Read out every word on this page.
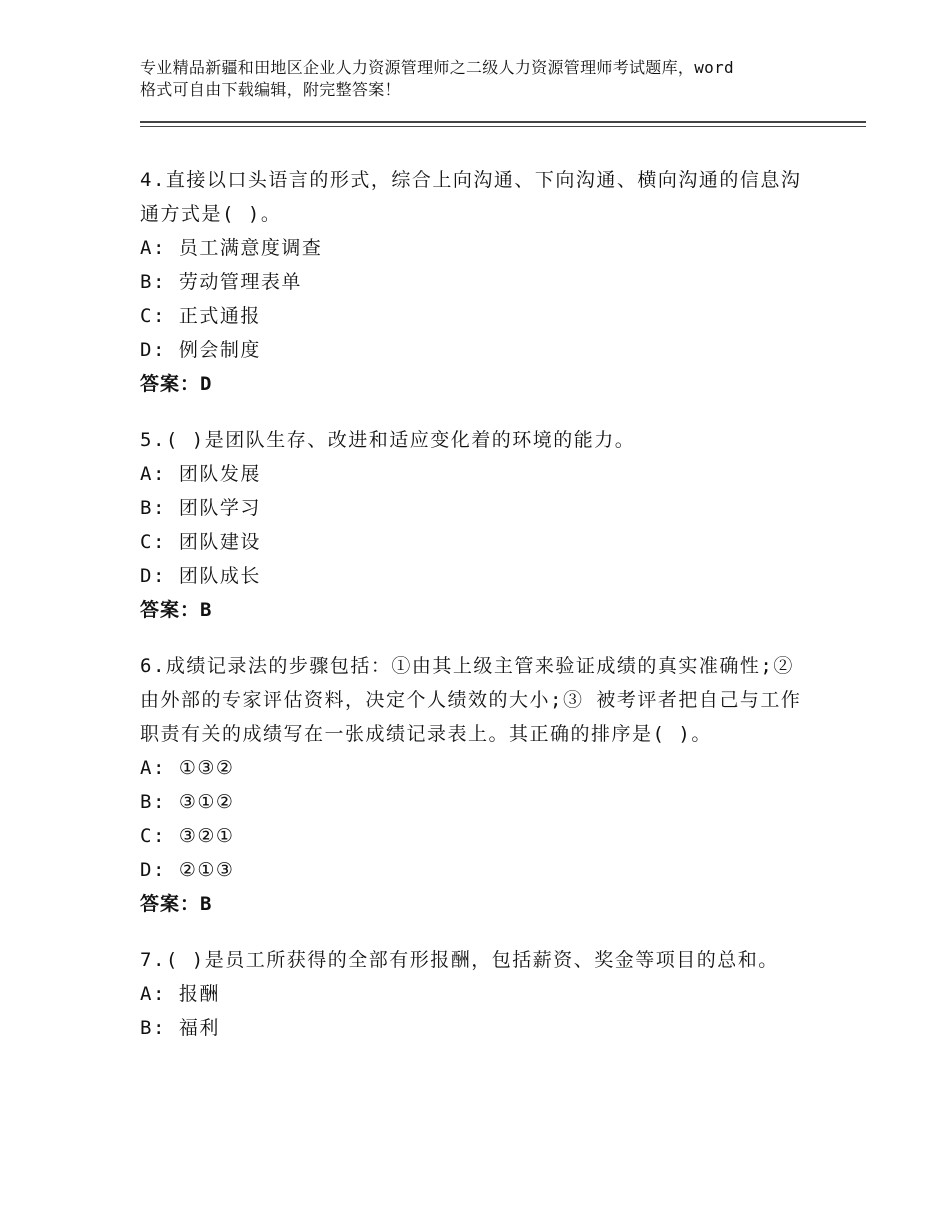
专业精品新疆和田地区企业人力资源管理师之二级人力资源管理师考试题库，word
格式可自由下载编辑，附完整答案！

4.直接以口头语言的形式，综合上向沟通、下向沟通、横向沟通的信息沟通方式是( )。

A: 员工满意度调查

B: 劳动管理表单

C: 正式通报

D: 例会制度

答案：D

5.( )是团队生存、改进和适应变化着的环境的能力。

A: 团队发展

B: 团队学习

C: 团队建设

D: 团队成长

答案：B

6.成绩记录法的步骤包括：①由其上级主管来验证成绩的真实准确性;② 由外部的专家评估资料，决定个人绩效的大小;③ 被考评者把自己与工作职责有关的成绩写在一张成绩记录表上。其正确的排序是( )。

A: ①③②

B: ③①②

C: ③②①

D: ②①③

答案：B

7.( )是员工所获得的全部有形报酬，包括薪资、奖金等项目的总和。

A: 报酬

B: 福利
